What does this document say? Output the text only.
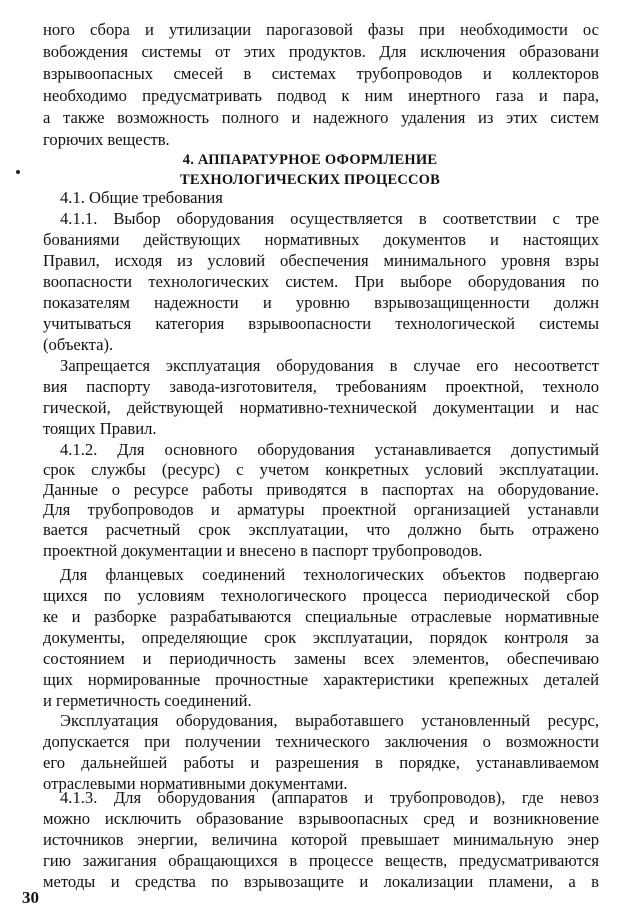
ного сбора и утилизации парогазовой фазы при необходимости ос
вобождения системы от этих продуктов. Для исключения образовани
взрывоопасных смесей в системах трубопроводов и коллекторов
необходимо предусматривать подвод к ним инертного газа и пара,
а также возможность полного и надежного удаления из этих систем
горючих веществ.
4. АППАРАТУРНОЕ ОФОРМЛЕНИЕ
ТЕХНОЛОГИЧЕСКИХ ПРОЦЕССОВ
4.1. Общие требования
4.1.1. Выбор оборудования осуществляется в соответствии с тре
бованиями действующих нормативных документов и настоящих
Правил, исходя из условий обеспечения минимального уровня взры
воопасности технологических систем. При выборе оборудования по
показателям надежности и уровню взрывозащищенности должн
учитываться категория взрывоопасности технологической системы
(объекта).
Запрещается эксплуатация оборудования в случае его несоответст
вия паспорту завода-изготовителя, требованиям проектной, техноло
гической, действующей нормативно-технической документации и нас
тоящих Правил.
4.1.2. Для основного оборудования устанавливается допустимый
срок службы (ресурс) с учетом конкретных условий эксплуатации.
Данные о ресурсе работы приводятся в паспортах на оборудование.
Для трубопроводов и арматуры проектной организацией устанавли
вается расчетный срок эксплуатации, что должно быть отражено
проектной документации и внесено в паспорт трубопроводов.
Для фланцевых соединений технологических объектов подвергаю
щихся по условиям технологического процесса периодической сбор
ке и разборке разрабатываются специальные отраслевые нормативные
документы, определяющие срок эксплуатации, порядок контроля за
состоянием и периодичность замены всех элементов, обеспечиваю
щих нормированные прочностные характеристики крепежных деталей
и герметичность соединений.
Эксплуатация оборудования, выработавшего установленный ресурс,
допускается при получении технического заключения о возможности
его дальнейшей работы и разрешения в порядке, устанавливаемом
отраслевыми нормативными документами.
30
4.1.3. Для оборудования (аппаратов и трубопроводов), где невоз
можно исключить образование взрывоопасных сред и возникновение
источников энергии, величина которой превышает минимальную энер
гию зажигания обращающихся в процессе веществ, предусматриваются
методы и средства по взрывозащите и локализации пламени, а в
